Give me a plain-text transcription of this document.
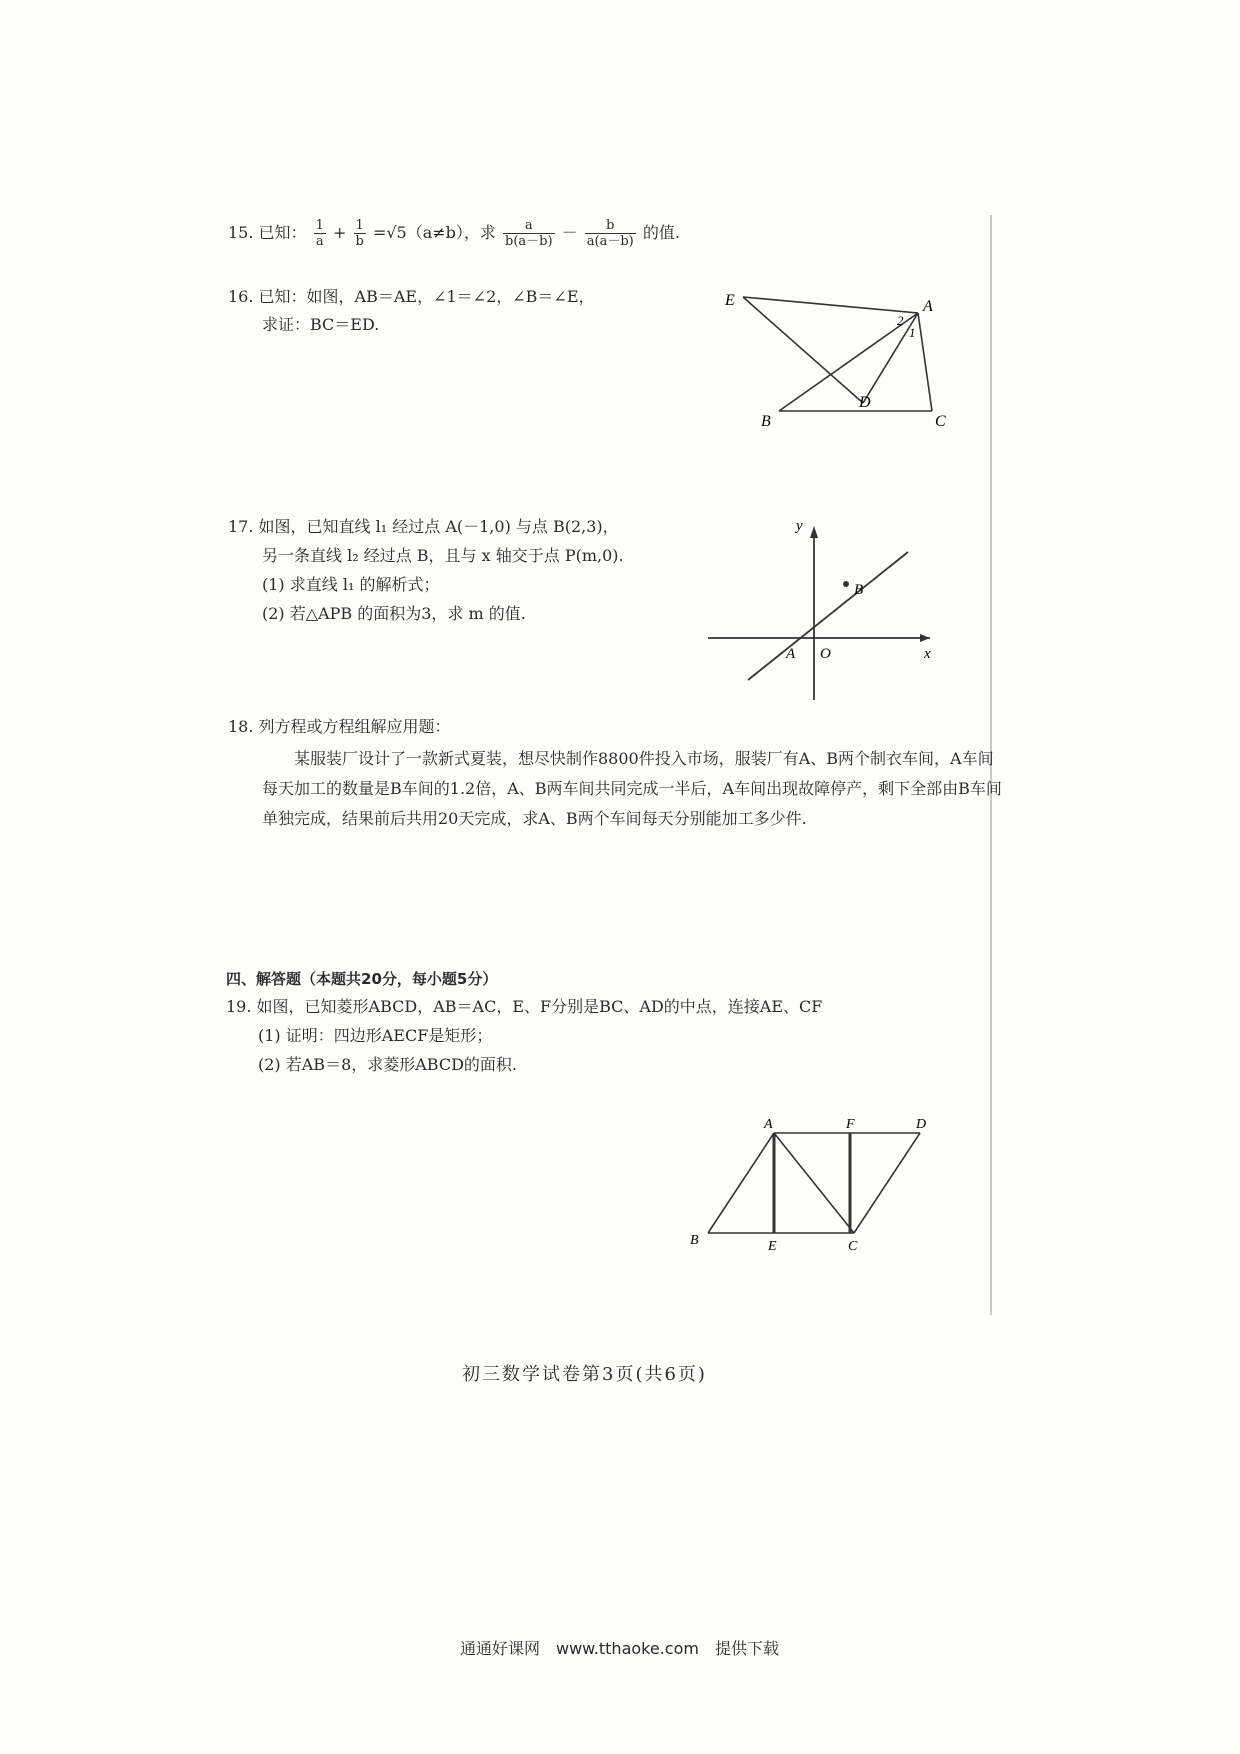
15. 已知： $\frac{1}{a} + \frac{1}{b} =√5(a\ne b)$，求 $\frac{a}{b(a-b)} - \frac{b}{a(a-b)}$ 的值.
16. 已知：如图，AB＝AE，∠1＝∠2，∠B＝∠E，
求证：BC＝ED.
E	A
2
1
D
B	C
17. 如图，已知直线 l₁ 经过点 A(－1,0) 与点 B(2,3)，
另一条直线 l₂ 经过点 B，且与 x 轴交于点 P(m,0).
(1) 求直线 l₁ 的解析式；
(2) 若△APB 的面积为3，求 m 的值.
y
x
A O
B
18. 列方程或方程组解应用题：
某服装厂设计了一款新式夏装，想尽快制作8800件投入市场，服装厂有A、B两个制衣车间，A车间每天加工的数量是B车间的1.2倍，A、B两车间共同完成一半后，A车间出现故障停产，剩下全部由B车间单独完成，结果前后共用20天完成，求A、B两个车间每天分别能加工多少件.
四、解答题（本题共20分，每小题5分）
19. 如图，已知菱形ABCD，AB＝AC，E、F分别是BC、AD的中点，连接AE、CF
(1) 证明：四边形AECF是矩形；
(2) 若AB＝8，求菱形ABCD的面积.
A	F	D
B	E	C
初三数学试卷第3页(共6页)
通通好课网　www.tthaoke.com　提供下载
